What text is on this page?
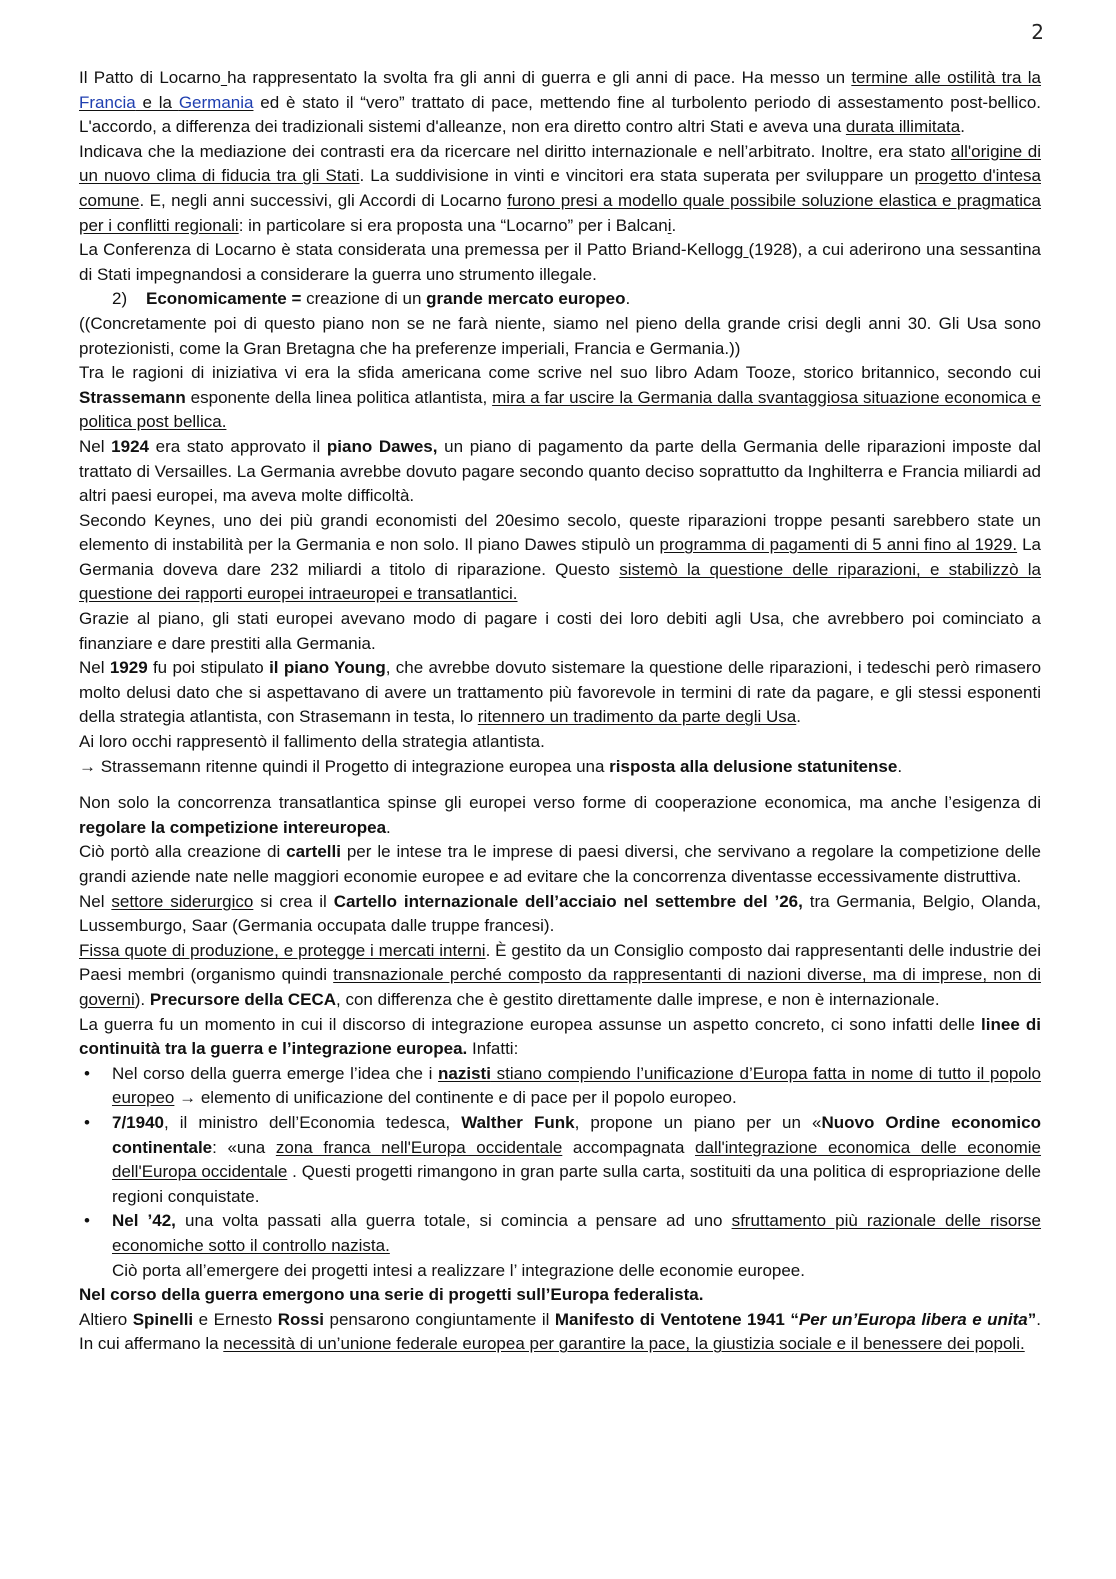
2

Il Patto di Locarno ha rappresentato la svolta fra gli anni di guerra e gli anni di pace. Ha messo un termine alle ostilità tra la Francia e la Germania ed è stato il “vero” trattato di pace, mettendo fine al turbolento periodo di assestamento post-bellico. L'accordo, a differenza dei tradizionali sistemi d'alleanze, non era diretto contro altri Stati e aveva una durata illimitata.

Indicava che la mediazione dei contrasti era da ricercare nel diritto internazionale e nell’arbitrato. Inoltre, era stato all'origine di un nuovo clima di fiducia tra gli Stati. La suddivisione in vinti e vincitori era stata superata per sviluppare un progetto d'intesa comune. E, negli anni successivi, gli Accordi di Locarno furono presi a modello quale possibile soluzione elastica e pragmatica per i conflitti regionali: in particolare si era proposta una “Locarno” per i Balcani.

La Conferenza di Locarno è stata considerata una premessa per il Patto Briand-Kellogg (1928), a cui aderirono una sessantina di Stati impegnandosi a considerare la guerra uno strumento illegale.

2) Economicamente = creazione di un grande mercato europeo.

((Concretamente poi di questo piano non se ne farà niente, siamo nel pieno della grande crisi degli anni 30. Gli Usa sono protezionisti, come la Gran Bretagna che ha preferenze imperiali, Francia e Germania.))

Tra le ragioni di iniziativa vi era la sfida americana come scrive nel suo libro Adam Tooze, storico britannico, secondo cui Strassemann esponente della linea politica atlantista, mira a far uscire la Germania dalla svantaggiosa situazione economica e politica post bellica.

Nel 1924 era stato approvato il piano Dawes, un piano di pagamento da parte della Germania delle riparazioni imposte dal trattato di Versailles. La Germania avrebbe dovuto pagare secondo quanto deciso soprattutto da Inghilterra e Francia miliardi ad altri paesi europei, ma aveva molte difficoltà.

Secondo Keynes, uno dei più grandi economisti del 20esimo secolo, queste riparazioni troppe pesanti sarebbero state un elemento di instabilità per la Germania e non solo. Il piano Dawes stipulò un programma di pagamenti di 5 anni fino al 1929. La Germania doveva dare 232 miliardi a titolo di riparazione. Questo sistemò la questione delle riparazioni, e stabilizzò la questione dei rapporti europei intraeuropei e transatlantici.

Grazie al piano, gli stati europei avevano modo di pagare i costi dei loro debiti agli Usa, che avrebbero poi cominciato a finanziare e dare prestiti alla Germania.

Nel 1929 fu poi stipulato il piano Young, che avrebbe dovuto sistemare la questione delle riparazioni, i tedeschi però rimasero molto delusi dato che si aspettavano di avere un trattamento più favorevole in termini di rate da pagare, e gli stessi esponenti della strategia atlantista, con Strasemann in testa, lo ritennero un tradimento da parte degli Usa.

Ai loro occhi rappresentò il fallimento della strategia atlantista.

→ Strassemann ritenne quindi il Progetto di integrazione europea una risposta alla delusione statunitense.

Non solo la concorrenza transatlantica spinse gli europei verso forme di cooperazione economica, ma anche l’esigenza di regolare la competizione intereuropea.

Ciò portò alla creazione di cartelli per le intese tra le imprese di paesi diversi, che servivano a regolare la competizione delle grandi aziende nate nelle maggiori economie europee e ad evitare che la concorrenza diventasse eccessivamente distruttiva.

Nel settore siderurgico si crea il Cartello internazionale dell’acciaio nel settembre del ’26, tra Germania, Belgio, Olanda, Lussemburgo, Saar (Germania occupata dalle truppe francesi).

Fissa quote di produzione, e protegge i mercati interni. È gestito da un Consiglio composto dai rappresentanti delle industrie dei Paesi membri (organismo quindi transnazionale perché composto da rappresentanti di nazioni diverse, ma di imprese, non di governi). Precursore della CECA, con differenza che è gestito direttamente dalle imprese, e non è internazionale.

La guerra fu un momento in cui il discorso di integrazione europea assunse un aspetto concreto, ci sono infatti delle linee di continuità tra la guerra e l’integrazione europea. Infatti:

• Nel corso della guerra emerge l’idea che i nazisti stiano compiendo l’unificazione d’Europa fatta in nome di tutto il popolo europeo → elemento di unificazione del continente e di pace per il popolo europeo.
• 7/1940, il ministro dell’Economia tedesca, Walther Funk, propone un piano per un «Nuovo Ordine economico continentale: «una zona franca nell'Europa occidentale accompagnata dall'integrazione economica delle economie dell'Europa occidentale . Questi progetti rimangono in gran parte sulla carta, sostituiti da una politica di espropriazione delle regioni conquistate.
• Nel ’42, una volta passati alla guerra totale, si comincia a pensare ad uno sfruttamento più razionale delle risorse economiche sotto il controllo nazista.

Ciò porta all’emergere dei progetti intesi a realizzare l’ integrazione delle economie europee.

Nel corso della guerra emergono una serie di progetti sull’Europa federalista.

Altiero Spinelli e Ernesto Rossi pensarono congiuntamente il Manifesto di Ventotene 1941 “Per un’Europa libera e unita”. In cui affermano la necessità di un’unione federale europea per garantire la pace, la giustizia sociale e il benessere dei popoli.
